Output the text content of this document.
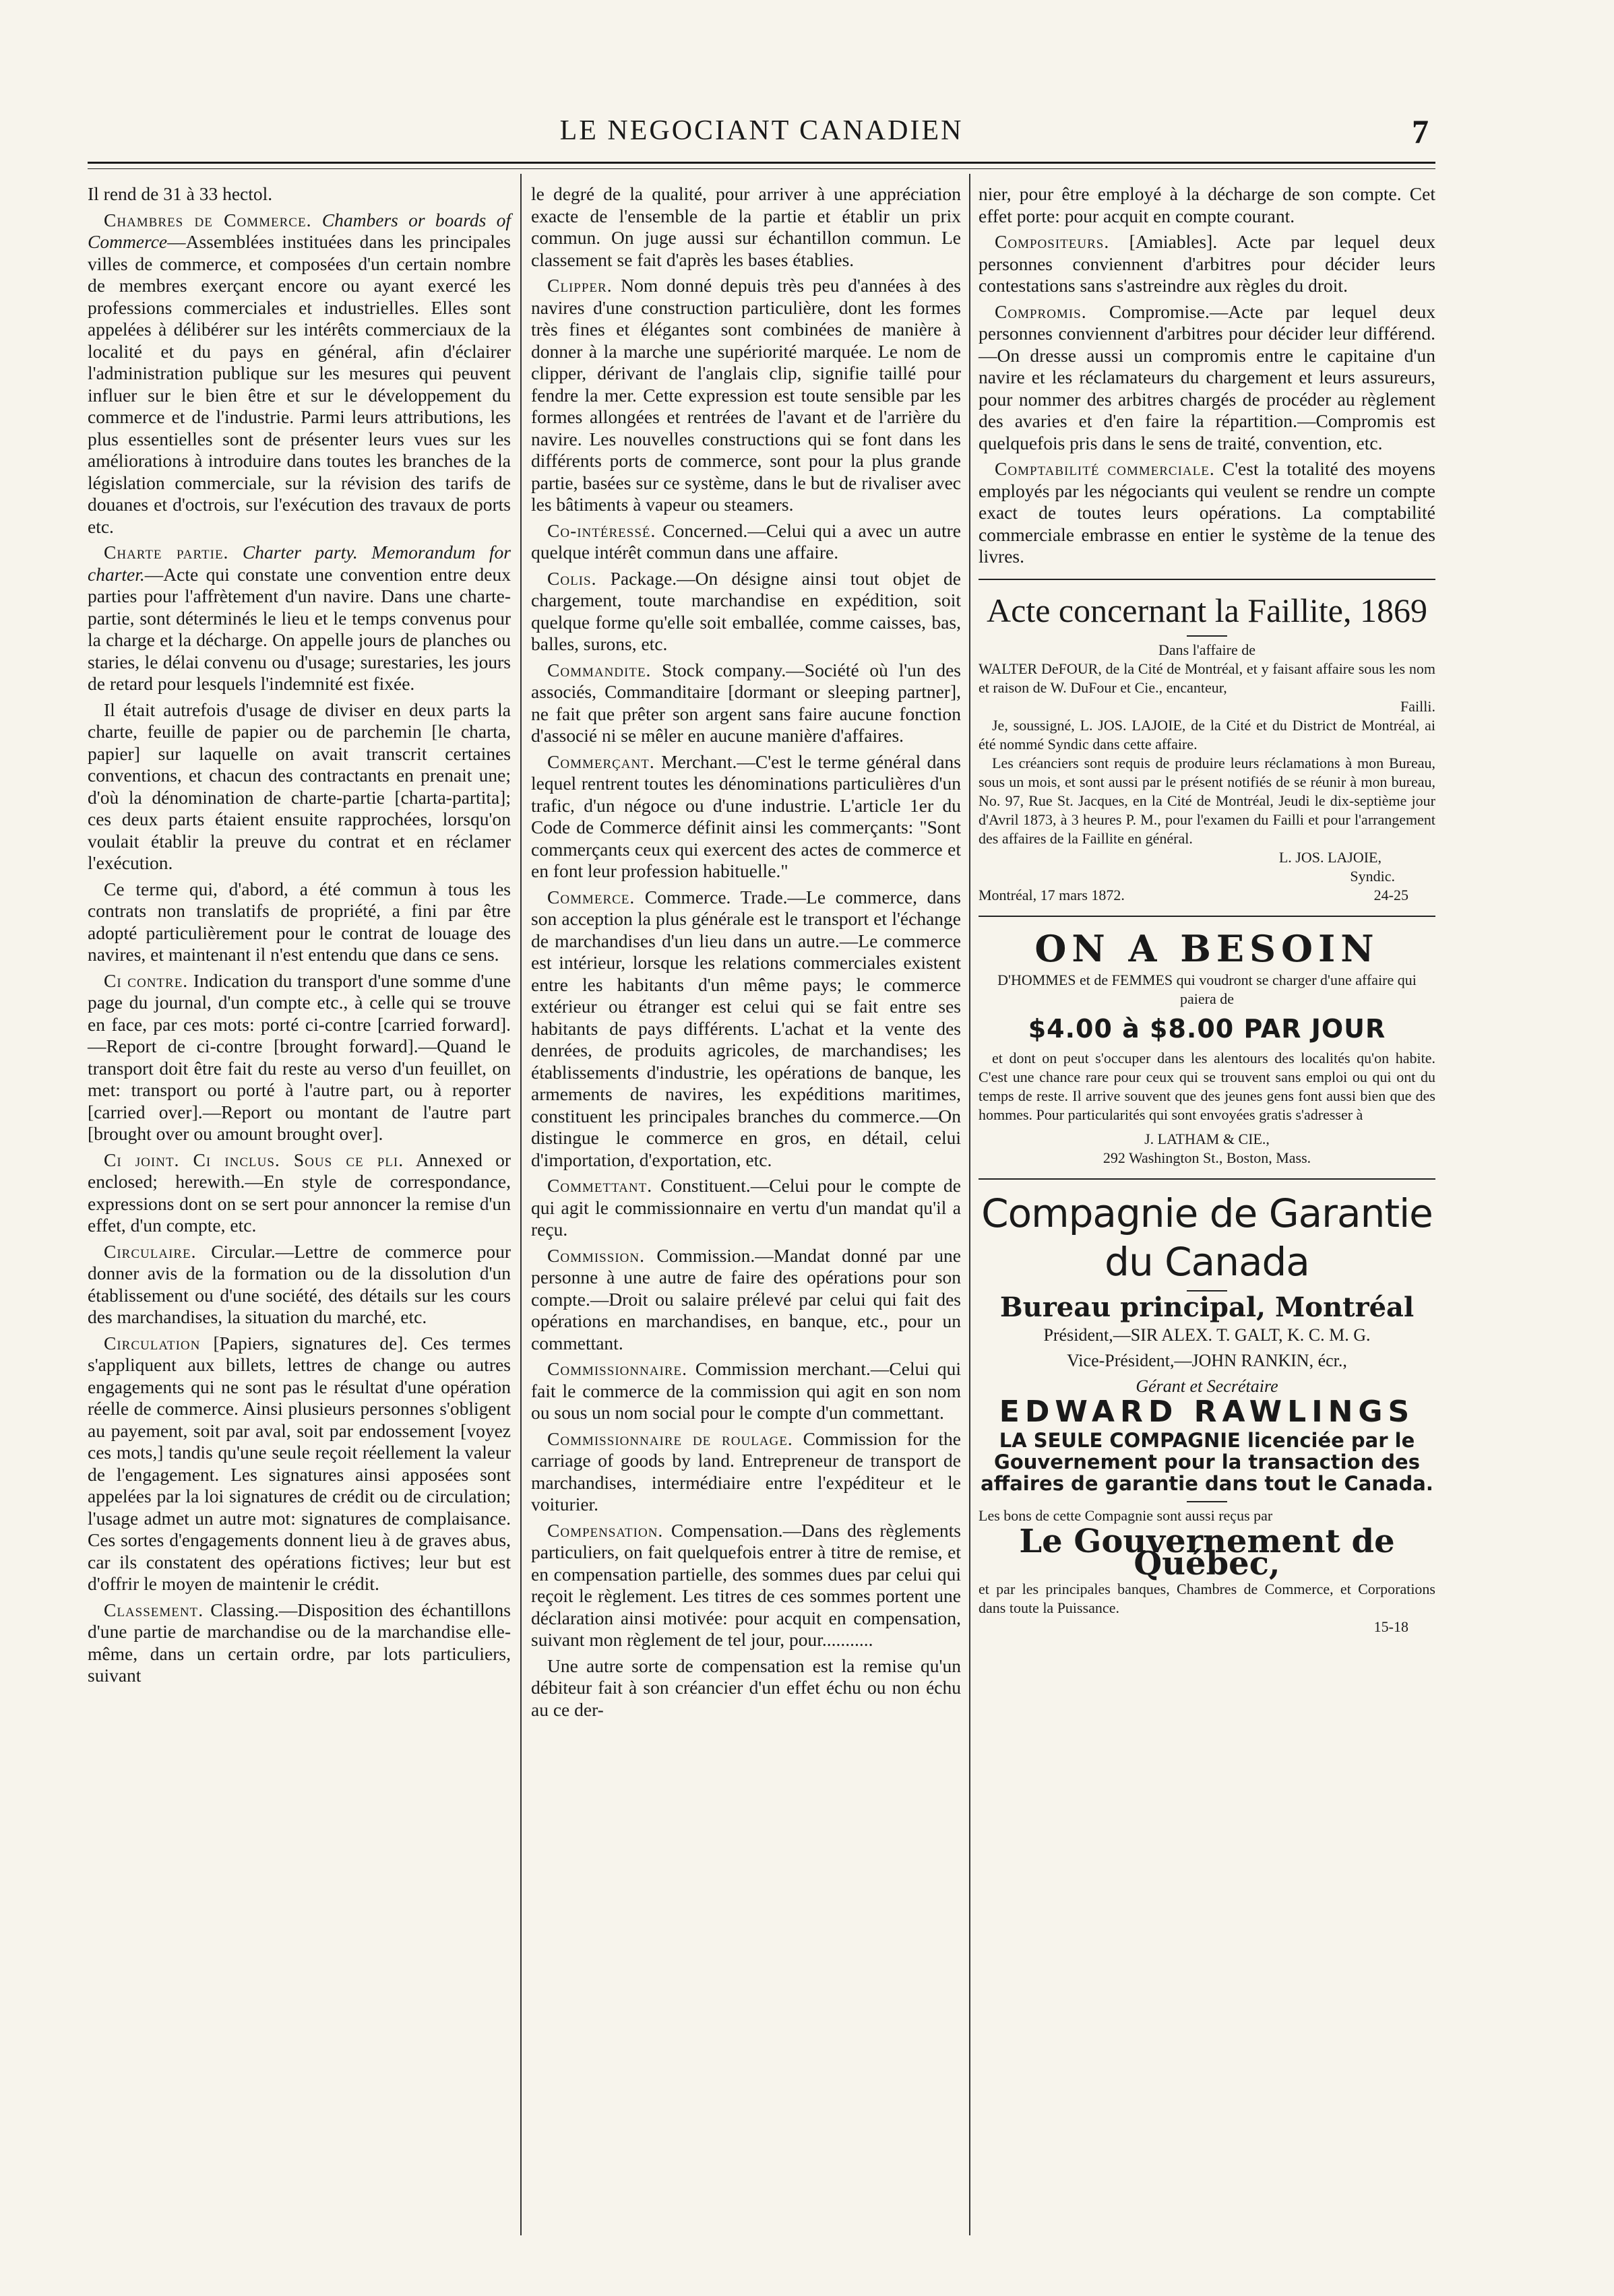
LE NEGOCIANT CANADIEN	7

Il rend de 31 à 33 hectol.

Chambres de Commerce. Chambers or boards of Commerce—Assemblées instituées dans les principales villes de commerce, et composées d'un certain nombre de membres exerçant encore ou ayant exercé les professions commerciales et industrielles. Elles sont appelées à délibérer sur les intérêts commerciaux de la localité et du pays en général, afin d'éclairer l'administration publique sur les mesures qui peuvent influer sur le bien être et sur le développement du commerce et de l'industrie. Parmi leurs attributions, les plus essentielles sont de présenter leurs vues sur les améliorations à introduire dans toutes les branches de la législation commerciale, sur la révision des tarifs de douanes et d'octrois, sur l'exécution des travaux de ports etc.

Charte partie. Charter party. Memorandum for charter.—Acte qui constate une convention entre deux parties pour l'affrètement d'un navire. Dans une charte-partie, sont déterminés le lieu et le temps convenus pour la charge et la décharge. On appelle jours de planches ou staries, le délai convenu ou d'usage; surestaries, les jours de retard pour lesquels l'indemnité est fixée.

Il était autrefois d'usage de diviser en deux parts la charte, feuille de papier ou de parchemin [le charta, papier] sur laquelle on avait transcrit certaines conventions, et chacun des contractants en prenait une; d'où la dénomination de charte-partie [charta-partita]; ces deux parts étaient ensuite rapprochées, lorsqu'on voulait établir la preuve du contrat et en réclamer l'exécution.

Ce terme qui, d'abord, a été commun à tous les contrats non translatifs de propriété, a fini par être adopté particulièrement pour le contrat de louage des navires, et maintenant il n'est entendu que dans ce sens.

Ci contre. Indication du transport d'une somme d'une page du journal, d'un compte etc., à celle qui se trouve en face, par ces mots: porté ci-contre [carried forward].—Report de ci-contre [brought forward].—Quand le transport doit être fait du reste au verso d'un feuillet, on met: transport ou porté à l'autre part, ou à reporter [carried over].—Report ou montant de l'autre part [brought over ou amount brought over].

Ci joint. Ci inclus. Sous ce pli. Annexed or enclosed; herewith.—En style de correspondance, expressions dont on se sert pour annoncer la remise d'un effet, d'un compte, etc.

Circulaire. Circular.—Lettre de commerce pour donner avis de la formation ou de la dissolution d'un établissement ou d'une société, des détails sur les cours des marchandises, la situation du marché, etc.

Circulation [Papiers, signatures de]. Ces termes s'appliquent aux billets, lettres de change ou autres engagements qui ne sont pas le résultat d'une opération réelle de commerce. Ainsi plusieurs personnes s'obligent au payement, soit par aval, soit par endossement [voyez ces mots,] tandis qu'une seule reçoit réellement la valeur de l'engagement. Les signatures ainsi apposées sont appelées par la loi signatures de crédit ou de circulation; l'usage admet un autre mot: signatures de complaisance. Ces sortes d'engagements donnent lieu à de graves abus, car ils constatent des opérations fictives; leur but est d'offrir le moyen de maintenir le crédit.

Classement. Classing.—Disposition des échantillons d'une partie de marchandise ou de la marchandise elle-même, dans un certain ordre, par lots particuliers, suivant

le degré de la qualité, pour arriver à une appréciation exacte de l'ensemble de la partie et établir un prix commun. On juge aussi sur échantillon commun. Le classement se fait d'après les bases établies.

Clipper. Nom donné depuis très peu d'années à des navires d'une construction particulière, dont les formes très fines et élégantes sont combinées de manière à donner à la marche une supériorité marquée. Le nom de clipper, dérivant de l'anglais clip, signifie taillé pour fendre la mer. Cette expression est toute sensible par les formes allongées et rentrées de l'avant et de l'arrière du navire. Les nouvelles constructions qui se font dans les différents ports de commerce, sont pour la plus grande partie, basées sur ce système, dans le but de rivaliser avec les bâtiments à vapeur ou steamers.

Co-intéressé. Concerned.—Celui qui a avec un autre quelque intérêt commun dans une affaire.

Colis. Package.—On désigne ainsi tout objet de chargement, toute marchandise en expédition, soit quelque forme qu'elle soit emballée, comme caisses, bas, balles, surons, etc.

Commandite. Stock company.—Société où l'un des associés, Commanditaire [dormant or sleeping partner], ne fait que prêter son argent sans faire aucune fonction d'associé ni se mêler en aucune manière d'affaires.

Commerçant. Merchant.—C'est le terme général dans lequel rentrent toutes les dénominations particulières d'un trafic, d'un négoce ou d'une industrie. L'article 1er du Code de Commerce définit ainsi les commerçants: "Sont commerçants ceux qui exercent des actes de commerce et en font leur profession habituelle."

Commerce. Commerce. Trade.—Le commerce, dans son acception la plus générale est le transport et l'échange de marchandises d'un lieu dans un autre.—Le commerce est intérieur, lorsque les relations commerciales existent entre les habitants d'un même pays; le commerce extérieur ou étranger est celui qui se fait entre ses habitants de pays différents. L'achat et la vente des denrées, de produits agricoles, de marchandises; les établissements d'industrie, les opérations de banque, les armements de navires, les expéditions maritimes, constituent les principales branches du commerce.—On distingue le commerce en gros, en détail, celui d'importation, d'exportation, etc.

Commettant. Constituent.—Celui pour le compte de qui agit le commissionnaire en vertu d'un mandat qu'il a reçu.

Commission. Commission.—Mandat donné par une personne à une autre de faire des opérations pour son compte.—Droit ou salaire prélevé par celui qui fait des opérations en marchandises, en banque, etc., pour un commettant.

Commissionnaire. Commission merchant.—Celui qui fait le commerce de la commission qui agit en son nom ou sous un nom social pour le compte d'un commettant.

Commissionnaire de roulage. Commission for the carriage of goods by land. Entrepreneur de transport de marchandises, intermédiaire entre l'expéditeur et le voiturier.

Compensation. Compensation.—Dans des règlements particuliers, on fait quelquefois entrer à titre de remise, et en compensation partielle, des sommes dues par celui qui reçoit le règlement. Les titres de ces sommes portent une déclaration ainsi motivée: pour acquit en compensation, suivant mon règlement de tel jour, pour...........

Une autre sorte de compensation est la remise qu'un débiteur fait à son créancier d'un effet échu ou non échu au ce der-

nier, pour être employé à la décharge de son compte. Cet effet porte: pour acquit en compte courant.

Compositeurs. [Amiables]. Acte par lequel deux personnes conviennent d'arbitres pour décider leurs contestations sans s'astreindre aux règles du droit.

Compromis. Compromise.—Acte par lequel deux personnes conviennent d'arbitres pour décider leur différend.—On dresse aussi un compromis entre le capitaine d'un navire et les réclamateurs du chargement et leurs assureurs, pour nommer des arbitres chargés de procéder au règlement des avaries et d'en faire la répartition.—Compromis est quelquefois pris dans le sens de traité, convention, etc.

Comptabilité commerciale. C'est la totalité des moyens employés par les négociants qui veulent se rendre un compte exact de toutes leurs opérations. La comptabilité commerciale embrasse en entier le système de la tenue des livres.

Acte concernant la Faillite, 1869
Dans l'affaire de
WALTER DeFOUR, de la Cité de Montréal, et y faisant affaire sous les nom et raison de W. DuFour et Cie., encanteur,
Failli.
Je, soussigné, L. JOS. LAJOIE, de la Cité et du District de Montréal, ai été nommé Syndic dans cette affaire.
Les créanciers sont requis de produire leurs réclamations à mon Bureau, sous un mois, et sont aussi par le présent notifiés de se réunir à mon bureau, No. 97, Rue St. Jacques, en la Cité de Montréal, Jeudi le dix-septième jour d'Avril 1873, à 3 heures P. M., pour l'examen du Failli et pour l'arrangement des affaires de la Faillite en général.
L. JOS. LAJOIE,
Syndic.
Montréal, 17 mars 1872.	24-25
ON A BESOIN
D'HOMMES et de FEMMES qui voudront se charger d'une affaire qui paiera de
$4.00 à $8.00 PAR JOUR
et dont on peut s'occuper dans les alentours des localités qu'on habite. C'est une chance rare pour ceux qui se trouvent sans emploi ou qui ont du temps de reste. Il arrive souvent que des jeunes gens font aussi bien que des hommes. Pour particularités qui sont envoyées gratis s'adresser à
J. LATHAM & CIE.,
292 Washington St., Boston, Mass.
Compagnie de Garantie du Canada
Bureau principal, Montréal
Président,—SIR ALEX. T. GALT, K. C. M. G.
Vice-Président,—JOHN RANKIN, écr.,
Gérant et Secrétaire
EDWARD RAWLINGS
LA SEULE COMPAGNIE licenciée par le Gouvernement pour la transaction des affaires de garantie dans tout le Canada.
Les bons de cette Compagnie sont aussi reçus par
Le Gouvernement de Québec,
et par les principales banques, Chambres de Commerce, et Corporations dans toute la Puissance.
15-18
